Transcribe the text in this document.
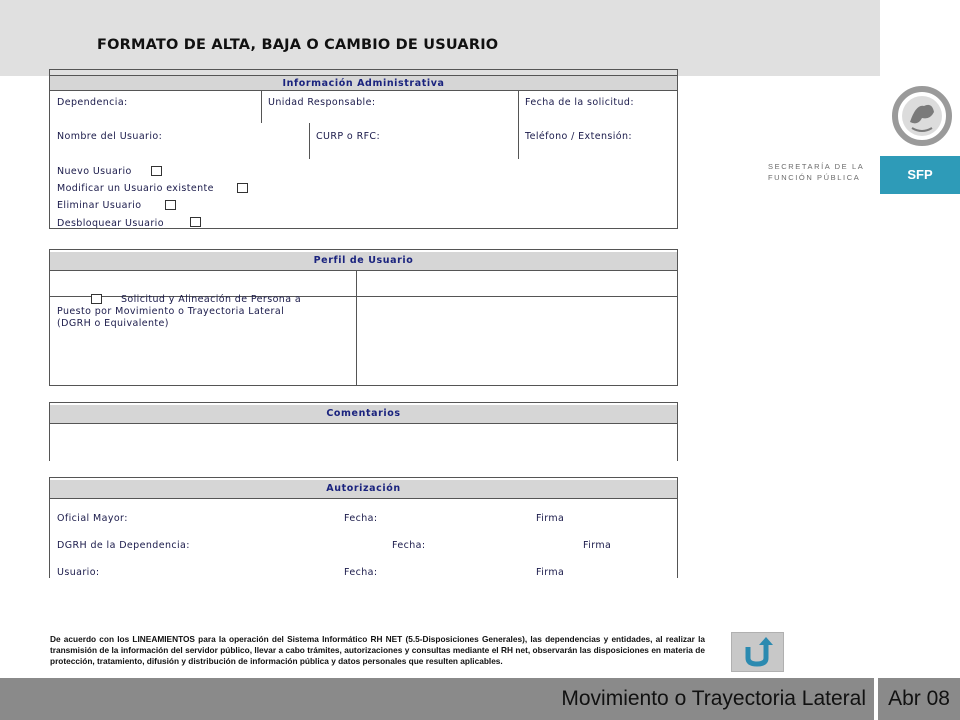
FORMATO DE ALTA, BAJA O CAMBIO DE USUARIO
SECRETARÍA DE LA
FUNCIÓN PÚBLICA	SFP
Información Administrativa
Dependencia:	Unidad Responsable:	Fecha de la solicitud:
Nombre del Usuario:	CURP o RFC:	Teléfono / Extensión:
Nuevo Usuario
Modificar un Usuario existente
Eliminar Usuario
Desbloquear Usuario
Perfil de Usuario
Solicitud y Alineación de Persona a
Puesto por Movimiento o Trayectoria Lateral
(DGRH o Equivalente)
Comentarios
Autorización
Oficial Mayor:	Fecha:	Firma
DGRH de la Dependencia:	Fecha:	Firma
Usuario:	Fecha:	Firma
De acuerdo con los LINEAMIENTOS para la operación del Sistema Informático RH NET (5.5-Disposiciones Generales), las dependencias y entidades, al realizar la transmisión de la información del servidor público, llevar a cabo trámites, autorizaciones y consultas mediante el RH net, observarán las disposiciones en materia de protección, tratamiento, difusión y distribución de información pública y datos personales que resulten aplicables.
Movimiento o Trayectoria Lateral	Abr 08
